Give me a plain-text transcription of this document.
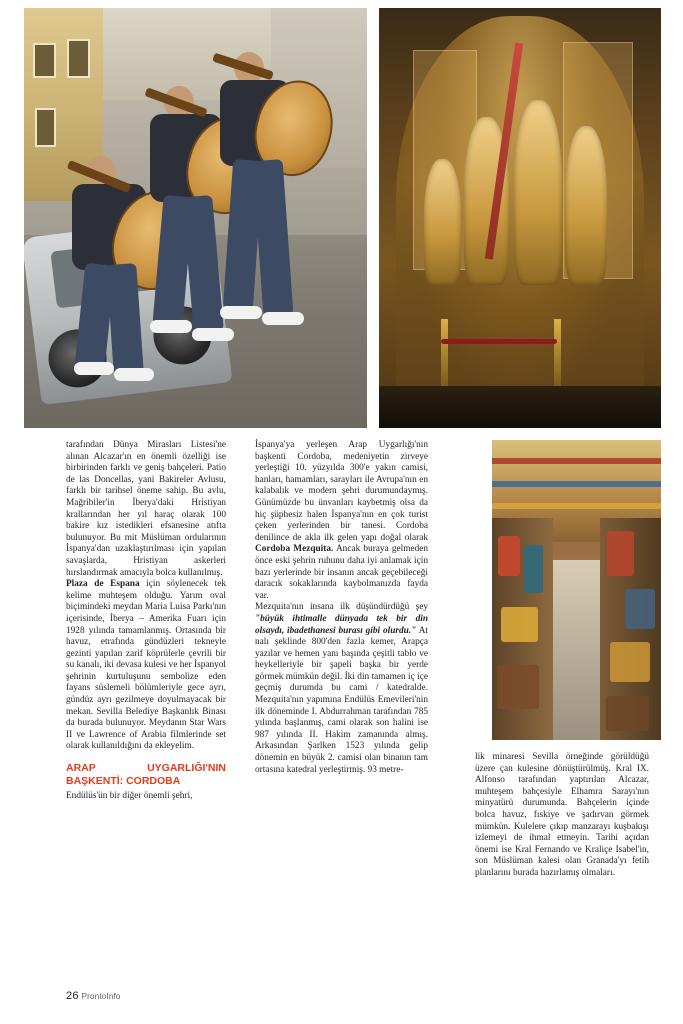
tarafından Dünya Mirasları Listesi'ne alınan Alcazar'ın en önemli özelliği ise birbirinden farklı ve geniş bahçeleri. Patio de las Doncellas, yani Bakireler Avlusu, farklı bir tarihsel öneme sahip. Bu avlu, Mağribiler'in İberya'daki Hristiyan krallarından her yıl haraç olarak 100 bakire kız istedikleri efsanesine atıfta bulunuyor. Bu mit Müslüman ordularının İspanya'dan uzaklaştırılması için yapılan savaşlarda, Hristiyan askerleri hırslandırmak amacıyla bolca kullanılmış.

Plaza de Espana için söylenecek tek kelime muhteşem olduğu. Yarım oval biçimindeki meydan Maria Luisa Parkı'nın içerisinde, İberya – Amerika Fuarı için 1928 yılında tamamlanmış. Ortasında bir havuz, etrafında gündüzleri tekneyle gezinti yapılan zarif köprülerle çevrili bir su kanalı, iki devasa kulesi ve her İspanyol şehrinin kurtuluşunu sembolize eden fayans süslemeli bölümleriyle gece ayrı, gündüz ayrı gezilmeye doyulmayacak bir mekan. Sevilla Belediye Başkanlık Binası da burada bulunuyor. Meydanın Star Wars II ve Lawrence of Arabia filmlerinde set olarak kullanıldığını da ekleyelim.

ARAP UYGARLIĞI'NIN BAŞKENTİ: CORDOBA

Endülüs'ün bir diğer önemli şehri,

İspanya'ya yerleşen Arap Uygarlığı'nın başkenti Cordoba, medeniyetin zirveye yerleştiği 10. yüzyılda 300'e yakın camisi, hanları, hamamları, sarayları ile Avrupa'nın en kalabalık ve modern şehri durumundaymış. Günümüzde bu ünvanları kaybetmiş olsa da hiç şüphesiz halen İspanya'nın en çok turist çeken yerlerinden bir tanesi. Cordoba denilince de akla ilk gelen yapı doğal olarak Cordoba Mezquita. Ancak buraya gelmeden önce eski şehrin ruhunu daha iyi anlamak için bazı yerlerinde bir insanın ancak geçebileceği daracık sokaklarında kaybolmanızda fayda var.

Mezquita'nın insana ilk düşündürdüğü şey "büyük ihtimalle dünyada tek bir din olsaydı, ibadethanesi burası gibi olurdu." At nalı şeklinde 800'den fazla kemer, Arapça yazılar ve hemen yanı başında çeşitli tablo ve heykelleriyle bir şapeli başka bir yerde görmek mümkün değil. İki din tamamen iç içe geçmiş durumda bu cami / katedralde. Mezquita'nın yapımına Endülüs Emevileri'nin ilk döneminde I. Abdurrahman tarafından 785 yılında başlanmış, cami olarak son halini ise 987 yılında II. Hakim zamanında almış. Arkasından Şarlken 1523 yılında gelip dönemin en büyük 2. camisi olan binanın tam ortasına katedral yerleştirmiş. 93 metre-

lik minaresi Sevilla örneğinde görüldüğü üzere çan kulesine dönüştürülmüş. Kral IX. Alfonso tarafından yaptırılan Alcazar, muhteşem bahçesiyle Elhamra Sarayı'nın minyatürü durumunda. Bahçelerin içinde bolca havuz, fıskiye ve şadırvan görmek mümkün. Kulelere çıkıp manzarayı kuşbakışı izlemeyi de ihmal etmeyin. Tarihi açıdan önemi ise Kral Fernando ve Kraliçe Isabel'in, son Müslüman kalesi olan Granada'yı fetih planlarını burada hazırlamış olmaları.

26 ProntoInfo
